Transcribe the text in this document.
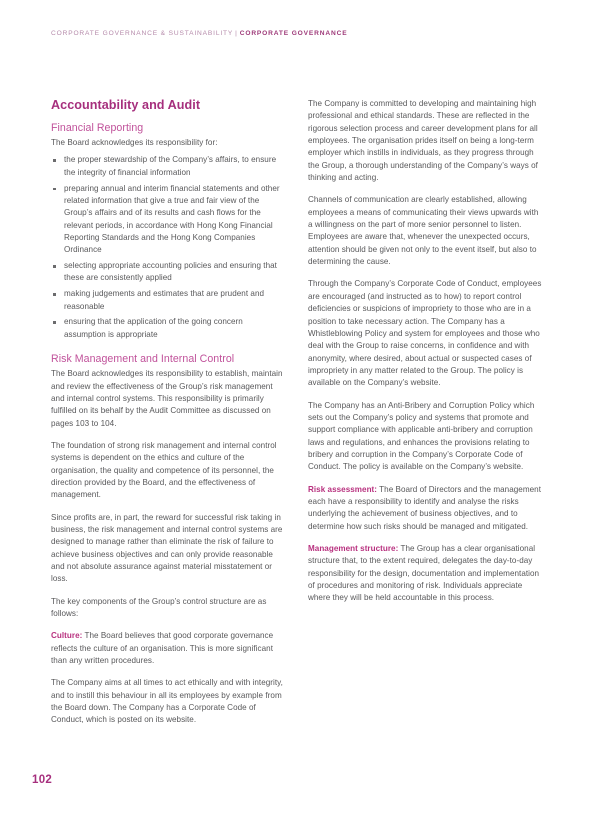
CORPORATE GOVERNANCE & SUSTAINABILITY | CORPORATE GOVERNANCE
Accountability and Audit
Financial Reporting

The Board acknowledges its responsibility for:

the proper stewardship of the Company’s affairs, to ensure the integrity of financial information
preparing annual and interim financial statements and other related information that give a true and fair view of the Group’s affairs and of its results and cash flows for the relevant periods, in accordance with Hong Kong Financial Reporting Standards and the Hong Kong Companies Ordinance
selecting appropriate accounting policies and ensuring that these are consistently applied
making judgements and estimates that are prudent and reasonable
ensuring that the application of the going concern assumption is appropriate
Risk Management and Internal Control

The Board acknowledges its responsibility to establish, maintain and review the effectiveness of the Group’s risk management and internal control systems. This responsibility is primarily fulfilled on its behalf by the Audit Committee as discussed on pages 103 to 104.

The foundation of strong risk management and internal control systems is dependent on the ethics and culture of the organisation, the quality and competence of its personnel, the direction provided by the Board, and the effectiveness of management.

Since profits are, in part, the reward for successful risk taking in business, the risk management and internal control systems are designed to manage rather than eliminate the risk of failure to achieve business objectives and can only provide reasonable and not absolute assurance against material misstatement or loss.

The key components of the Group’s control structure are as follows:

Culture: The Board believes that good corporate governance reflects the culture of an organisation. This is more significant than any written procedures.

The Company aims at all times to act ethically and with integrity, and to instill this behaviour in all its employees by example from the Board down. The Company has a Corporate Code of Conduct, which is posted on its website.

The Company is committed to developing and maintaining high professional and ethical standards. These are reflected in the rigorous selection process and career development plans for all employees. The organisation prides itself on being a long-term employer which instills in individuals, as they progress through the Group, a thorough understanding of the Company’s ways of thinking and acting.

Channels of communication are clearly established, allowing employees a means of communicating their views upwards with a willingness on the part of more senior personnel to listen. Employees are aware that, whenever the unexpected occurs, attention should be given not only to the event itself, but also to determining the cause.

Through the Company’s Corporate Code of Conduct, employees are encouraged (and instructed as to how) to report control deficiencies or suspicions of impropriety to those who are in a position to take necessary action. The Company has a Whistleblowing Policy and system for employees and those who deal with the Group to raise concerns, in confidence and with anonymity, where desired, about actual or suspected cases of impropriety in any matter related to the Group. The policy is available on the Company’s website.

The Company has an Anti-Bribery and Corruption Policy which sets out the Company’s policy and systems that promote and support compliance with applicable anti-bribery and corruption laws and regulations, and enhances the provisions relating to bribery and corruption in the Company’s Corporate Code of Conduct. The policy is available on the Company’s website.

Risk assessment: The Board of Directors and the management each have a responsibility to identify and analyse the risks underlying the achievement of business objectives, and to determine how such risks should be managed and mitigated.

Management structure: The Group has a clear organisational structure that, to the extent required, delegates the day-to-day responsibility for the design, documentation and implementation of procedures and monitoring of risk. Individuals appreciate where they will be held accountable in this process.

102
